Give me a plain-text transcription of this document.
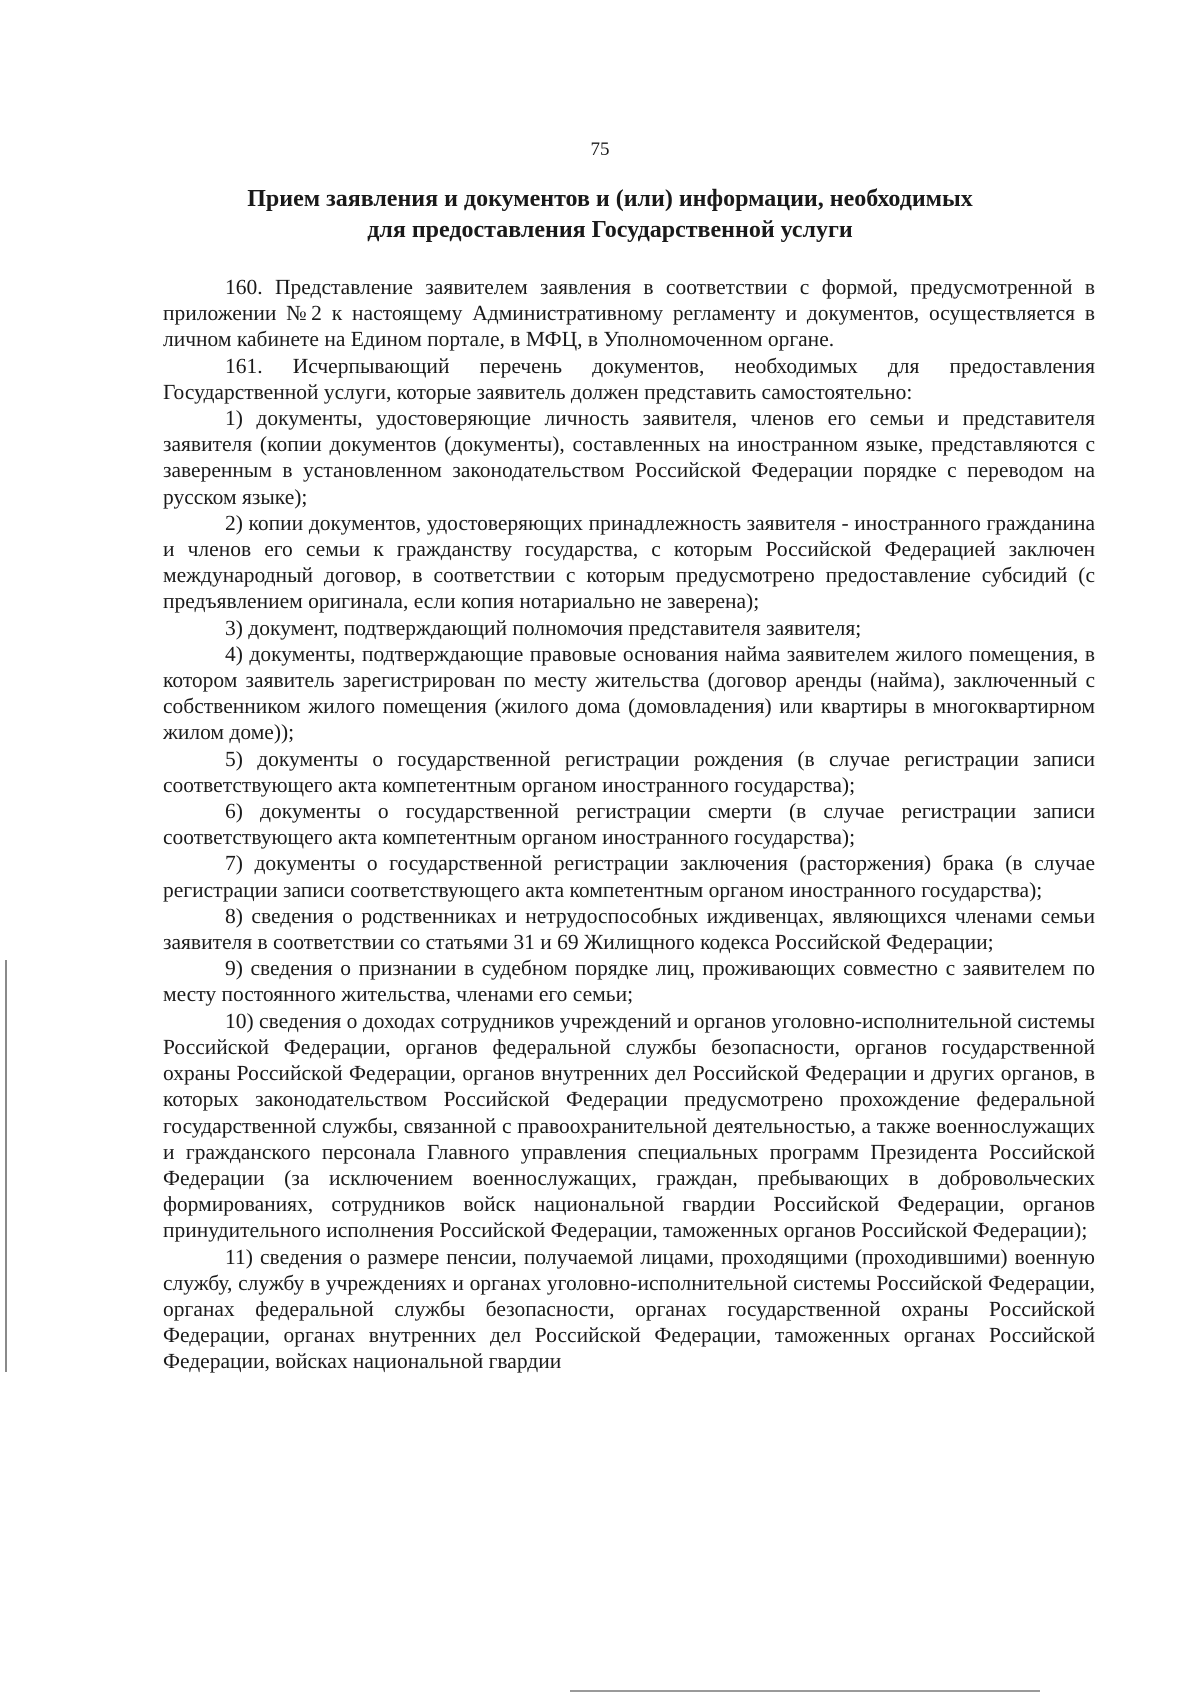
75
Прием заявления и документов и (или) информации, необходимых
для предоставления Государственной услуги

160. Представление заявителем заявления в соответствии с формой, предусмотренной в приложении №2 к настоящему Административному регламенту и документов, осуществляется в личном кабинете на Едином портале, в МФЦ, в Уполномоченном органе.

161. Исчерпывающий перечень документов, необходимых для предоставления Государственной услуги, которые заявитель должен представить самостоятельно:

1) документы, удостоверяющие личность заявителя, членов его семьи и представителя заявителя (копии документов (документы), составленных на иностранном языке, представляются с заверенным в установленном законодательством Российской Федерации порядке с переводом на русском языке);

2) копии документов, удостоверяющих принадлежность заявителя - иностранного гражданина и членов его семьи к гражданству государства, с которым Российской Федерацией заключен международный договор, в соответствии с которым предусмотрено предоставление субсидий (с предъявлением оригинала, если копия нотариально не заверена);

3) документ, подтверждающий полномочия представителя заявителя;

4) документы, подтверждающие правовые основания найма заявителем жилого помещения, в котором заявитель зарегистрирован по месту жительства (договор аренды (найма), заключенный с собственником жилого помещения (жилого дома (домовладения) или квартиры в многоквартирном жилом доме));

5) документы о государственной регистрации рождения (в случае регистрации записи соответствующего акта компетентным органом иностранного государства);

6) документы о государственной регистрации смерти (в случае регистрации записи соответствующего акта компетентным органом иностранного государства);

7) документы о государственной регистрации заключения (расторжения) брака (в случае регистрации записи соответствующего акта компетентным органом иностранного государства);

8) сведения о родственниках и нетрудоспособных иждивенцах, являющихся членами семьи заявителя в соответствии со статьями 31 и 69 Жилищного кодекса Российской Федерации;

9) сведения о признании в судебном порядке лиц, проживающих совместно с заявителем по месту постоянного жительства, членами его семьи;

10) сведения о доходах сотрудников учреждений и органов уголовно-исполнительной системы Российской Федерации, органов федеральной службы безопасности, органов государственной охраны Российской Федерации, органов внутренних дел Российской Федерации и других органов, в которых законодательством Российской Федерации предусмотрено прохождение федеральной государственной службы, связанной с правоохранительной деятельностью, а также военнослужащих и гражданского персонала Главного управления специальных программ Президента Российской Федерации (за исключением военнослужащих, граждан, пребывающих в добровольческих формированиях, сотрудников войск национальной гвардии Российской Федерации, органов принудительного исполнения Российской Федерации, таможенных органов Российской Федерации);

11) сведения о размере пенсии, получаемой лицами, проходящими (проходившими) военную службу, службу в учреждениях и органах уголовно-исполнительной системы Российской Федерации, органах федеральной службы безопасности, органах государственной охраны Российской Федерации, органах внутренних дел Российской Федерации, таможенных органах Российской Федерации, войсках национальной гвардии
